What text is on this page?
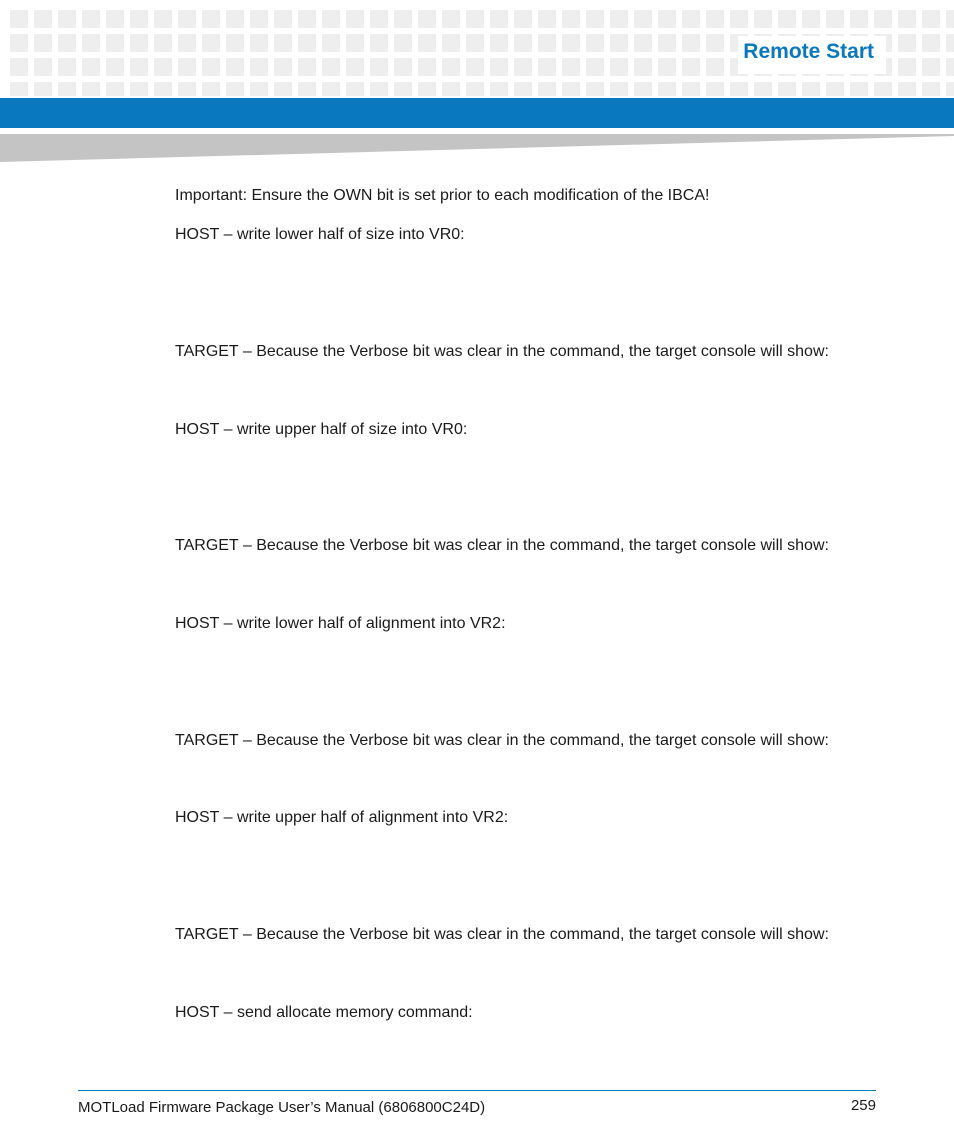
Remote Start

Important: Ensure the OWN bit is set prior to each modification of the IBCA!

HOST – write lower half of size into VR0:

TARGET – Because the Verbose bit was clear in the command, the target console will show:

HOST – write upper half of size into VR0:

TARGET – Because the Verbose bit was clear in the command, the target console will show:

HOST – write lower half of alignment into VR2:

TARGET – Because the Verbose bit was clear in the command, the target console will show:

HOST – write upper half of alignment into VR2:

TARGET – Because the Verbose bit was clear in the command, the target console will show:

HOST – send allocate memory command:

MOTLoad Firmware Package User’s Manual (6806800C24D)	259
